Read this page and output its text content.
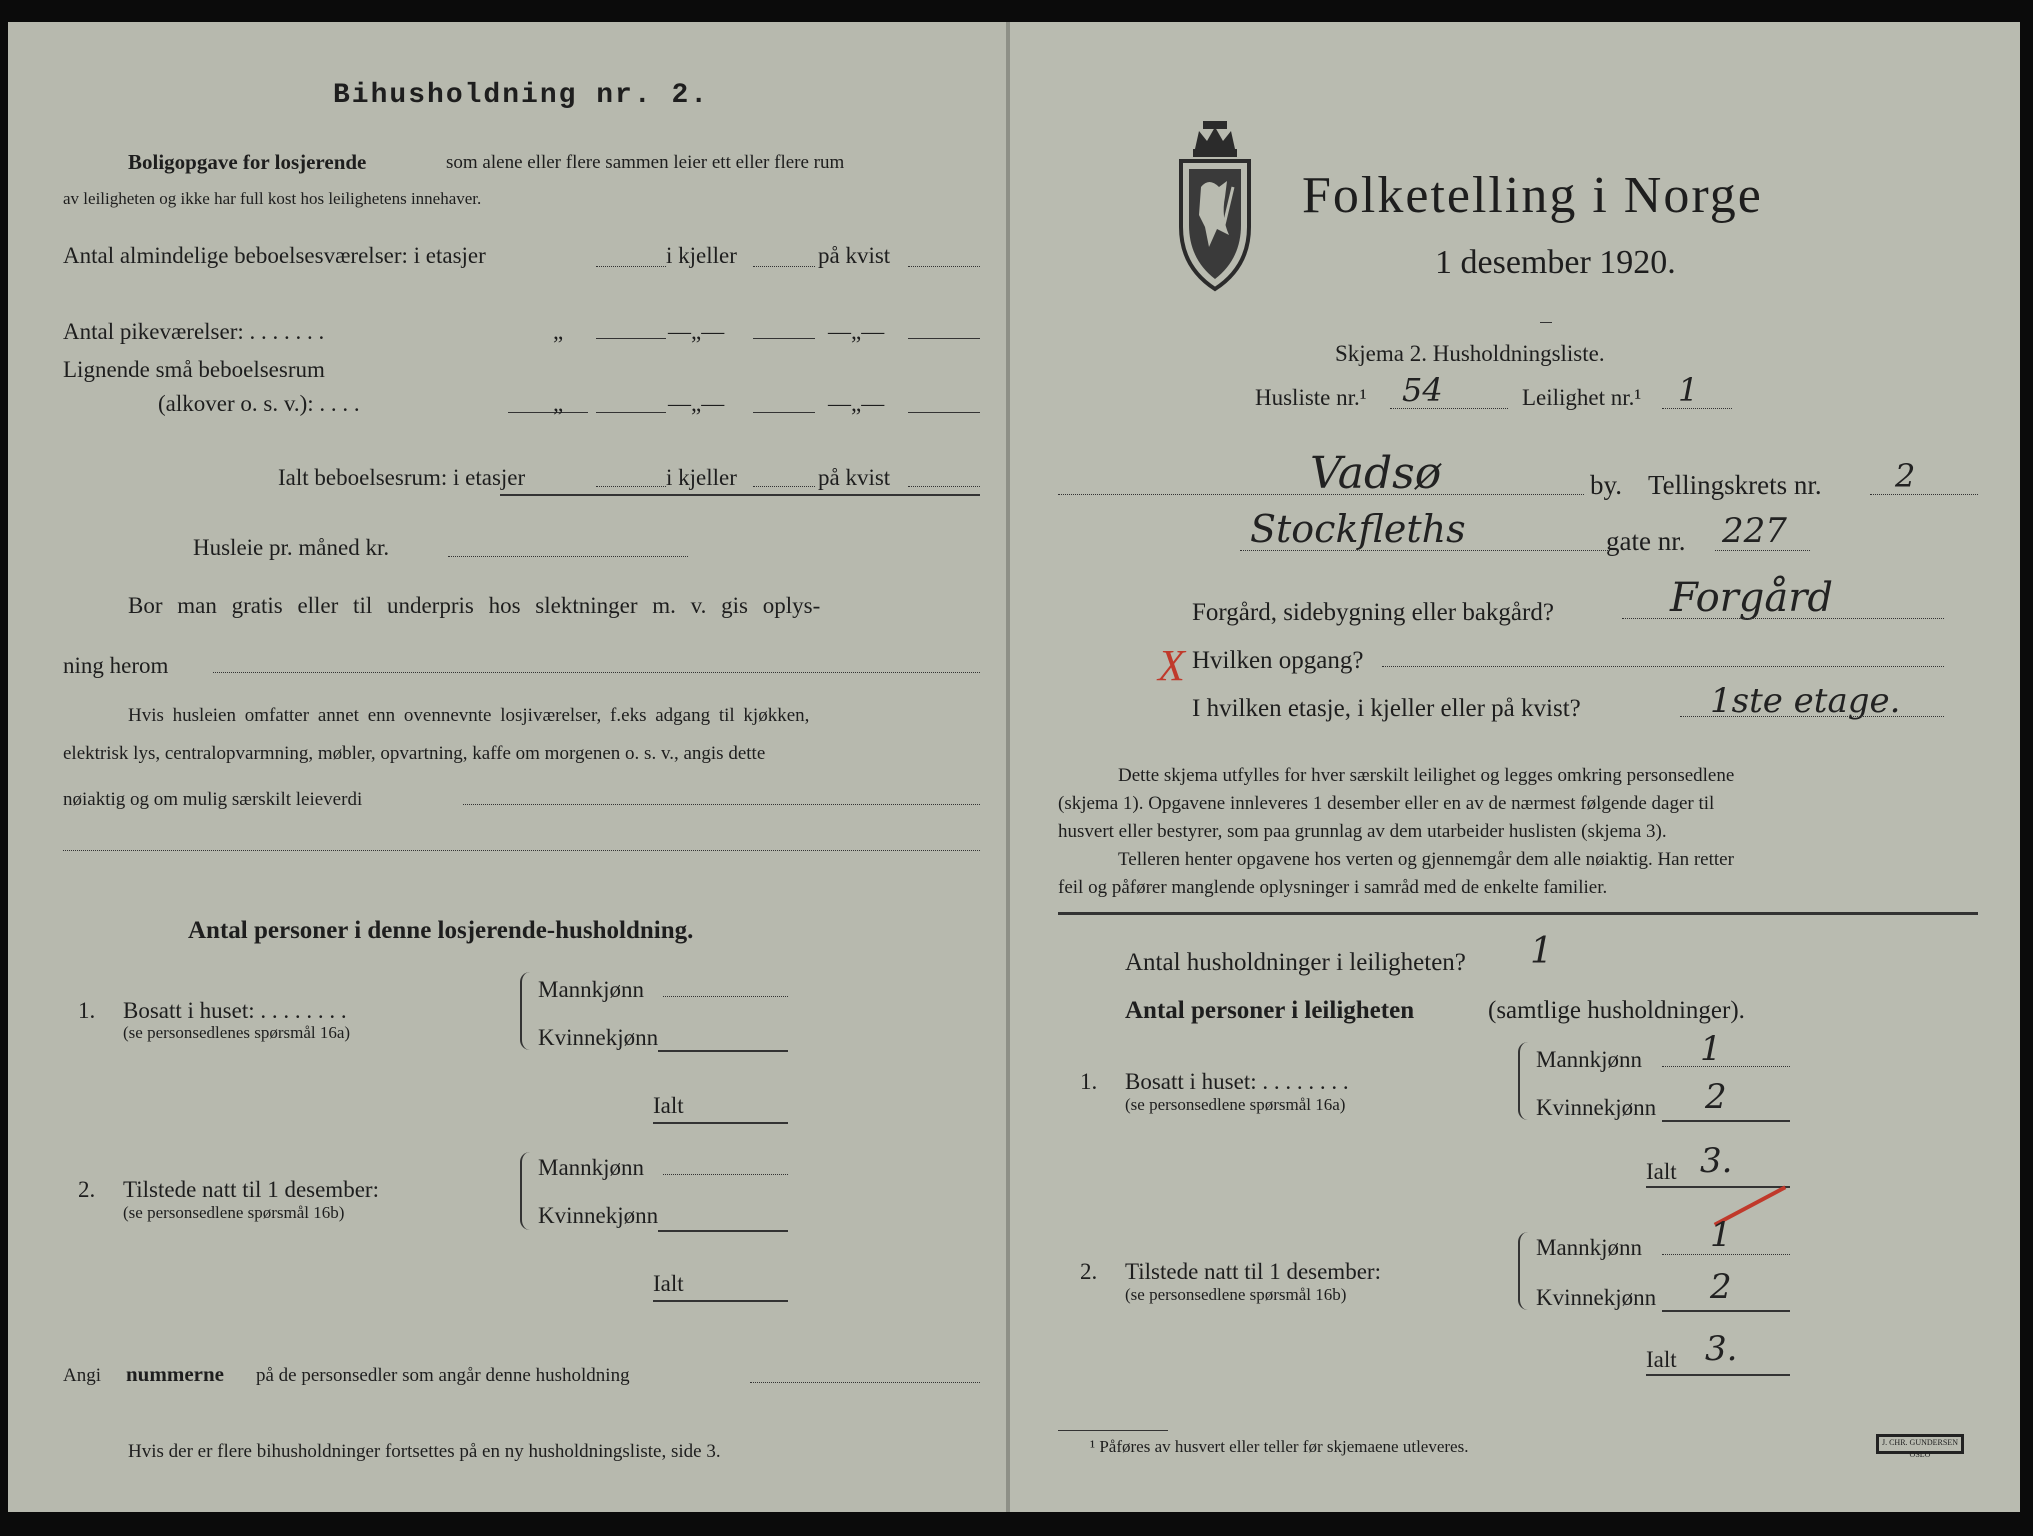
Bihusholdning nr. 2.
Boligopgave for losjerende	som alene eller flere sammen leier ett eller flere rum
av leiligheten og ikke har full kost hos leilighetens innehaver.
Antal almindelige beboelsesværelser: i etasjer	i kjeller	på kvist
Antal pikeværelser: . . . . . . .	„	—„—	—„—
Lignende små beboelsesrum
(alkover o. s. v.): . . . .	„	—„—	—„—
Ialt beboelsesrum: i etasjer	i kjeller	på kvist
Husleie pr. måned kr.
Bor man gratis eller til underpris hos slektninger m. v. gis oplys-
ning herom
Hvis husleien omfatter annet enn ovennevnte losjiværelser, f.eks adgang til kjøkken,
elektrisk lys, centralopvarmning, møbler, opvartning, kaffe om morgenen o. s. v., angis dette
nøiaktig og om mulig særskilt leieverdi
Antal personer i denne losjerende-husholdning.
1. Bosatt i huset: . . . . . . . .
(se personsedlenes spørsmål 16a)
Mannkjønn
Kvinnekjønn
Ialt
2. Tilstede natt til 1 desember:
(se personsedlene spørsmål 16b)
Mannkjønn
Kvinnekjønn
Ialt
Angi nummerne på de personsedler som angår denne husholdning
Hvis der er flere bihusholdninger fortsettes på en ny husholdningsliste, side 3.
Folketelling i Norge
1 desember 1920.
Skjema 2. Husholdningsliste.
Husliste nr.¹ 54	Leilighet nr.¹ 1
Vadsø	by. Tellingskrets nr. 2
Stockfleths	gate nr. 227
Forgård, sidebygning eller bakgård?	Forgård
X Hvilken opgang?
I hvilken etasje, i kjeller eller på kvist?	1ste etage.
Dette skjema utfylles for hver særskilt leilighet og legges omkring personsedlene
(skjema 1). Opgavene innleveres 1 desember eller en av de nærmest følgende dager til
husvert eller bestyrer, som paa grunnlag av dem utarbeider huslisten (skjema 3).
Telleren henter opgavene hos verten og gjennemgår dem alle nøiaktig. Han retter
feil og påfører manglende oplysninger i samråd med de enkelte familier.
Antal husholdninger i leiligheten? 1
Antal personer i leiligheten	(samtlige husholdninger).
1. Bosatt i huset: . . . . . . . .
(se personsedlene spørsmål 16a)
Mannkjønn 1
Kvinnekjønn 2
Ialt 3.
2. Tilstede natt til 1 desember:
(se personsedlene spørsmål 16b)
Mannkjønn 1
Kvinnekjønn 2
Ialt 3.
¹ Påføres av husvert eller teller før skjemaene utleveres.	J. CHR. GUNDERSEN OSLO
